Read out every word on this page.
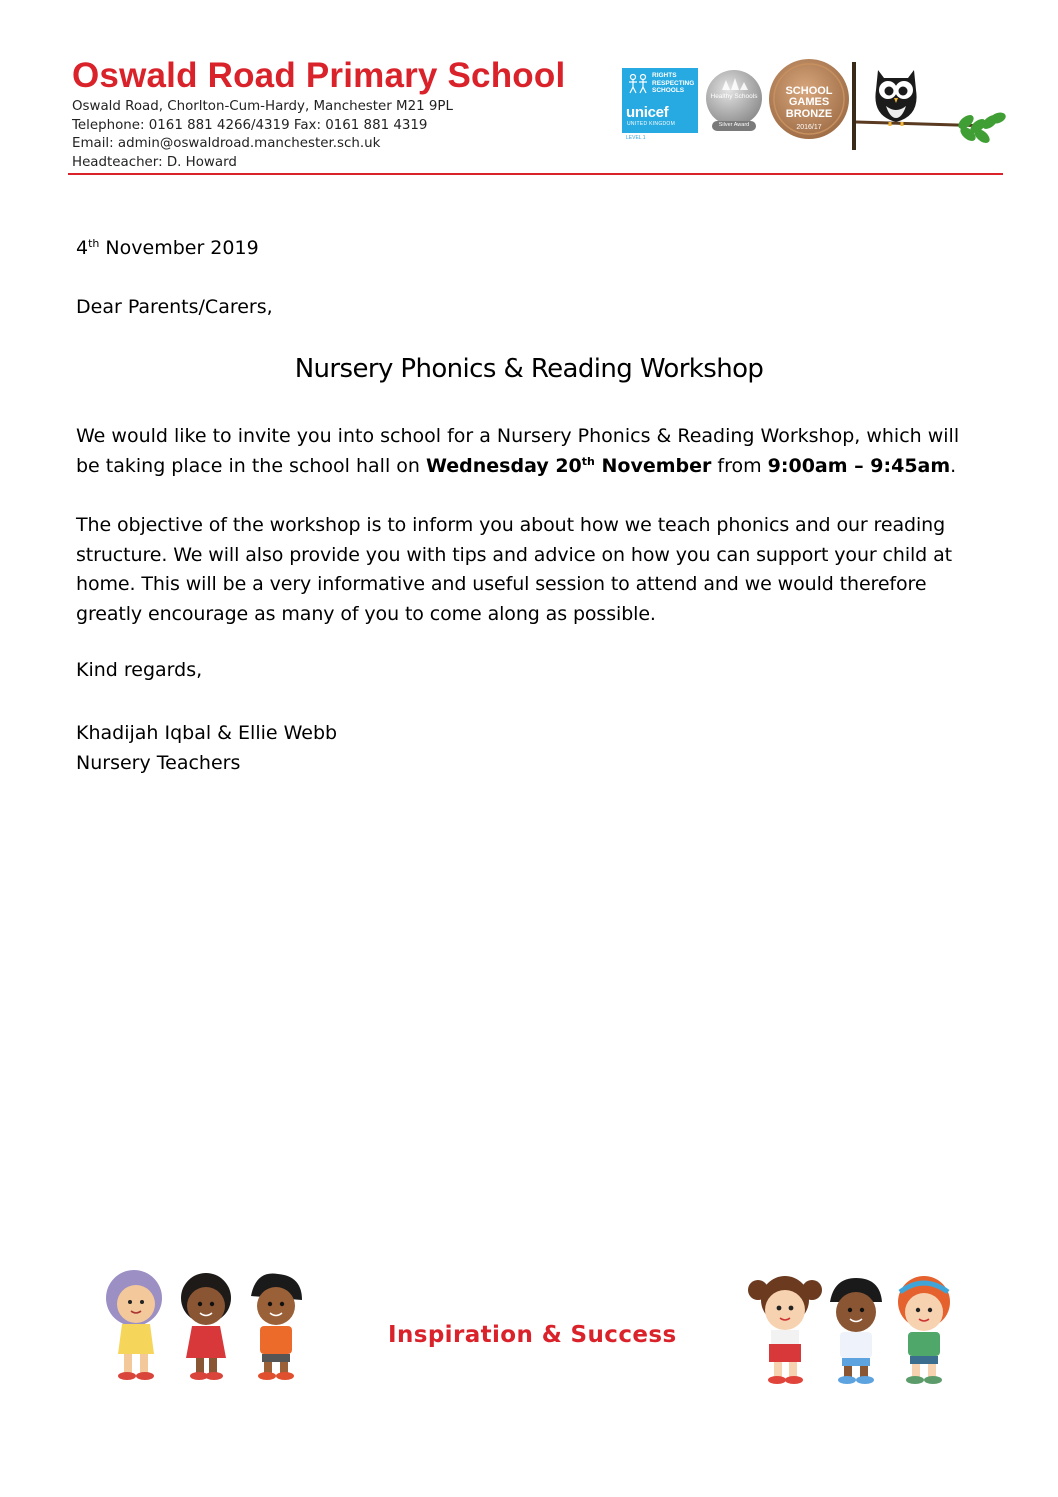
Oswald Road Primary School
Oswald Road, Chorlton-Cum-Hardy, Manchester M21 9PL
Telephone: 0161 881 4266/4319 Fax: 0161 881 4319
Email: admin@oswaldroad.manchester.sch.uk
Headteacher: D. Howard
RIGHTS
RESPECTING
SCHOOLS
unicef
UNITED KINGDOM
LEVEL 1
Healthy Schools
Silver Award
SCHOOL
GAMES
BRONZE
2016/17
4th November 2019
Dear Parents/Carers,
Nursery Phonics & Reading Workshop

We would like to invite you into school for a Nursery Phonics & Reading Workshop, which will
be taking place in the school hall on Wednesday 20th November from 9:00am – 9:45am.

The objective of the workshop is to inform you about how we teach phonics and our reading
structure. We will also provide you with tips and advice on how you can support your child at
home. This will be a very informative and useful session to attend and we would therefore
greatly encourage as many of you to come along as possible.

Kind regards,
Khadijah Iqbal & Ellie Webb
Nursery Teachers
Inspiration & Success
